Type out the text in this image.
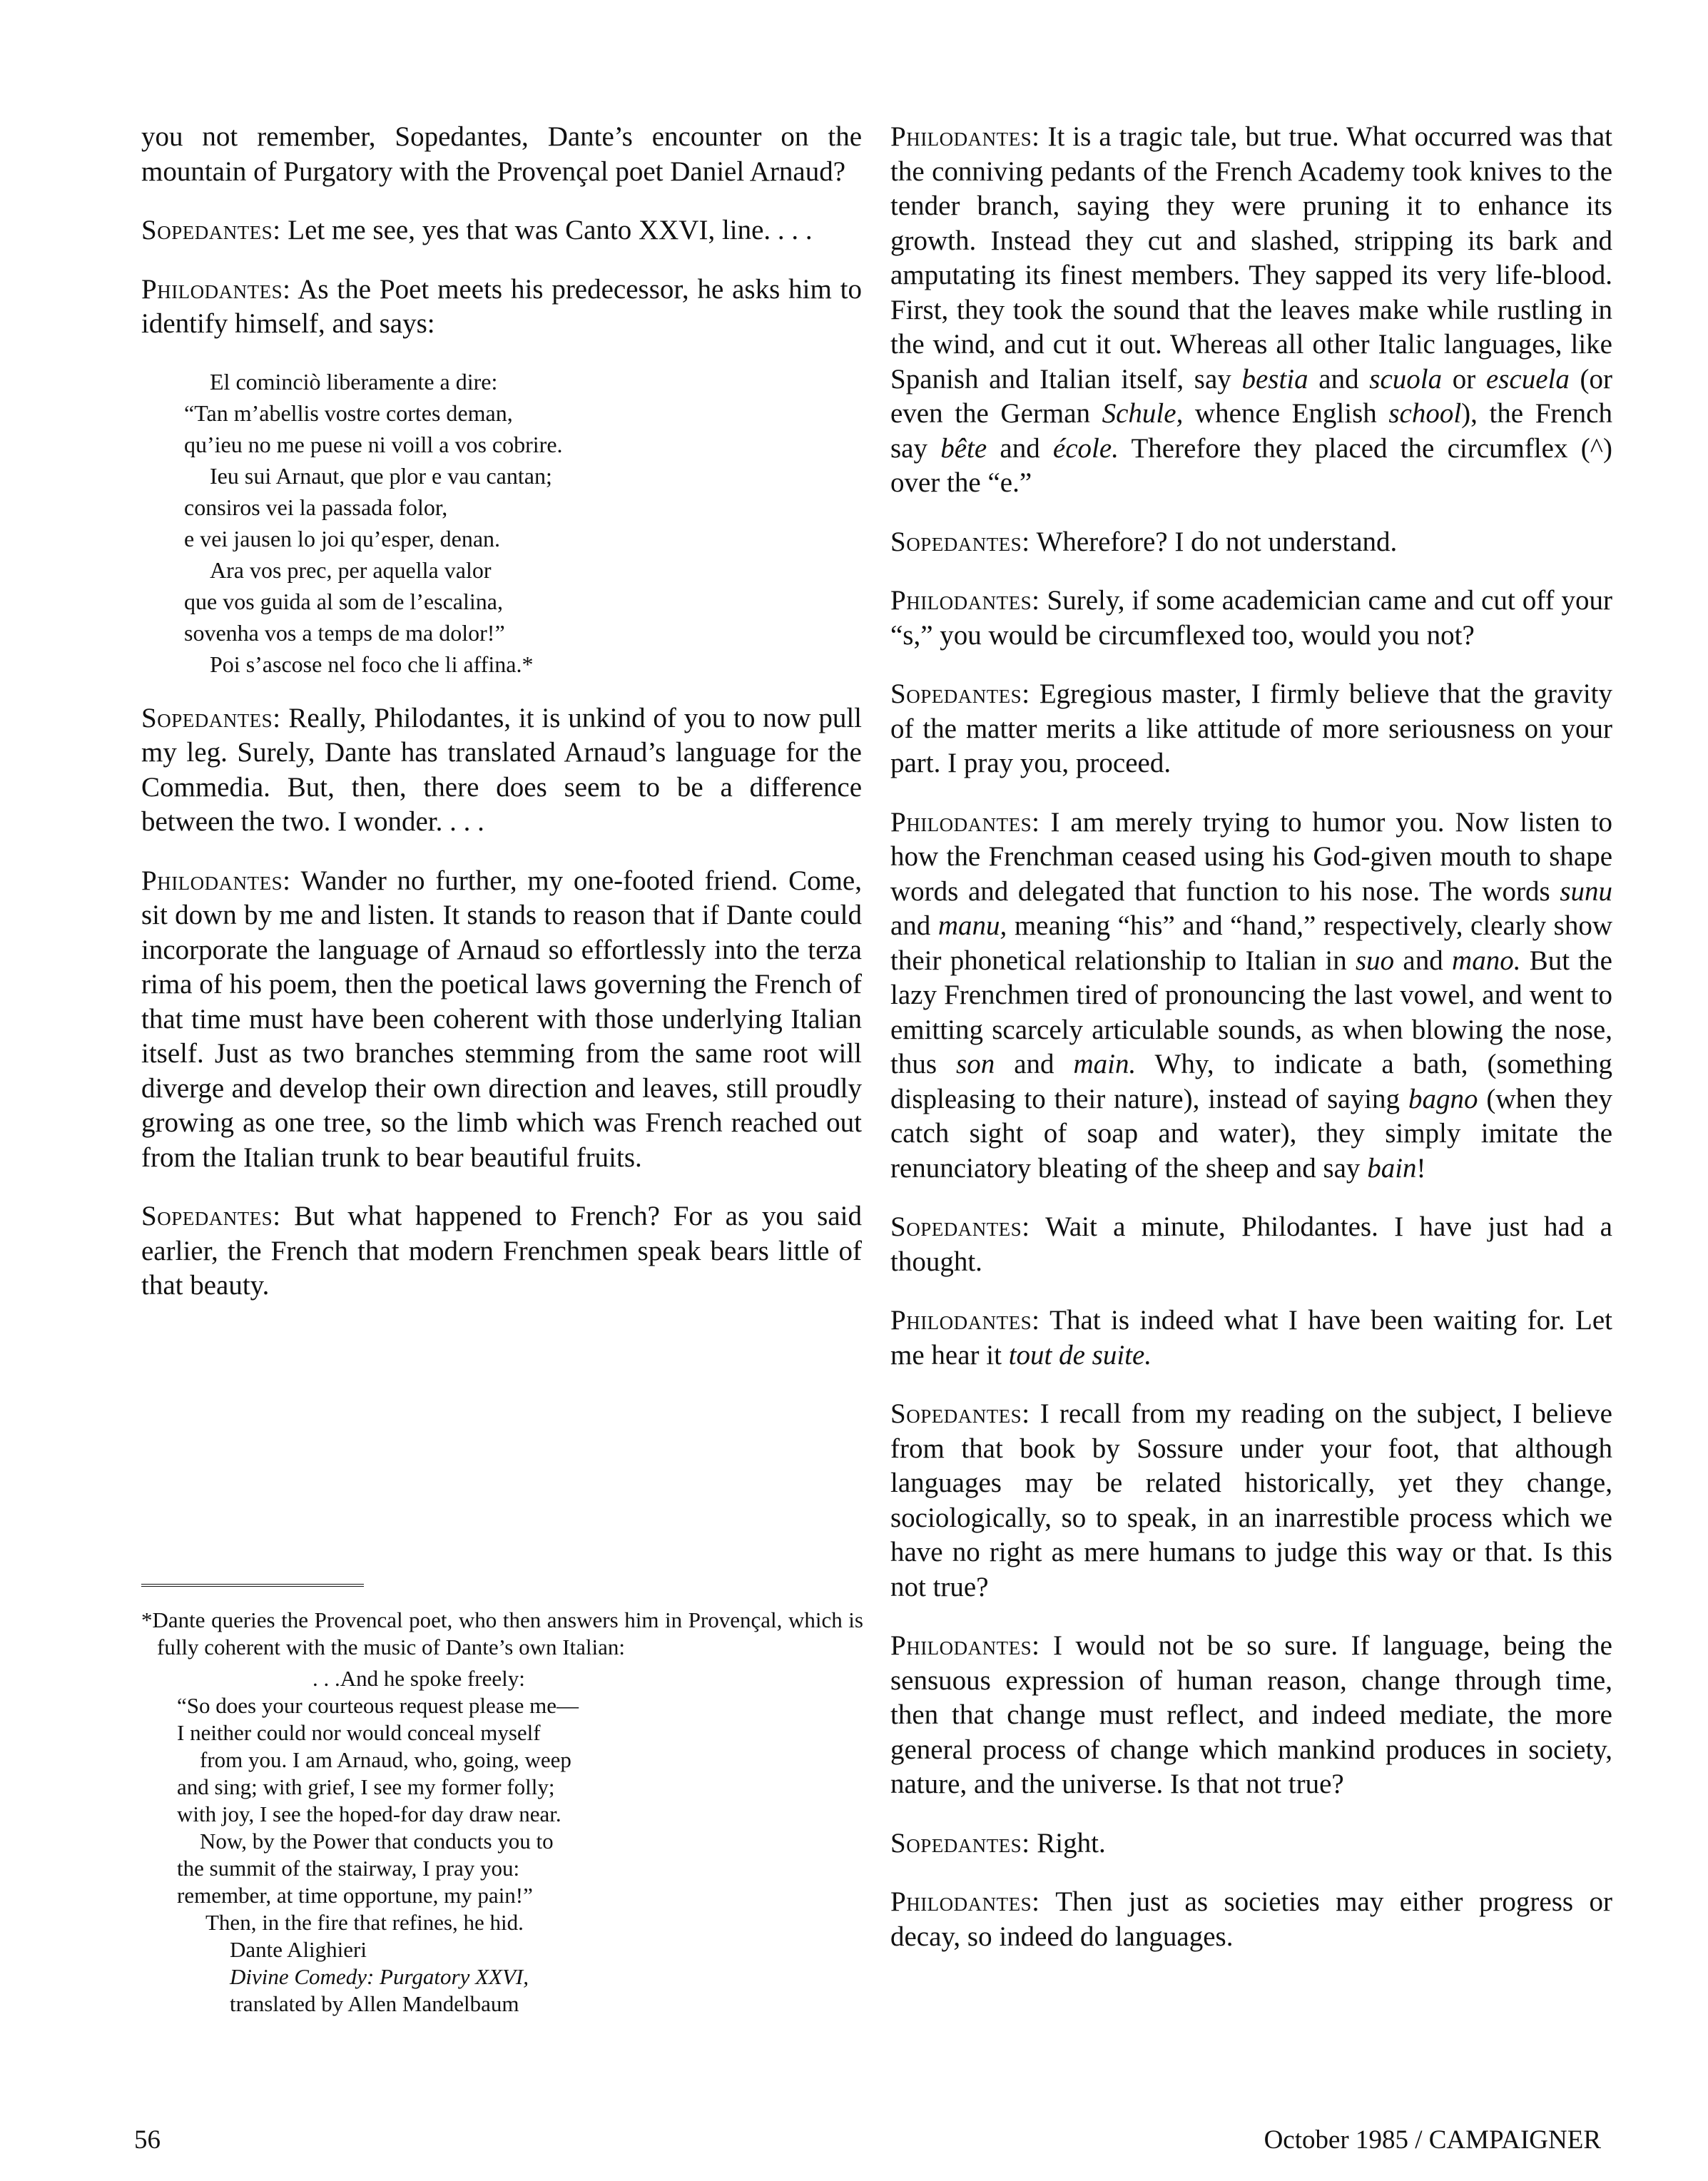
you not remember, Sopedantes, Dante’s encounter on the mountain of Purgatory with the Provençal poet Daniel Arnaud?

Sopedantes: Let me see, yes that was Canto XXVI, line. . . .

Philodantes: As the Poet meets his predecessor, he asks him to identify himself, and says:

El cominciò liberamente a dire:
“Tan m’abellis vostre cortes deman,
qu’ieu no me puese ni voill a vos cobrire.
Ieu sui Arnaut, que plor e vau cantan;
consiros vei la passada folor,
e vei jausen lo joi qu’esper, denan.
Ara vos prec, per aquella valor
que vos guida al som de l’escalina,
sovenha vos a temps de ma dolor!”
Poi s’ascose nel foco che li affina.*

Sopedantes: Really, Philodantes, it is unkind of you to now pull my leg. Surely, Dante has translated Arnaud’s language for the Commedia. But, then, there does seem to be a difference between the two. I wonder. . . .

Philodantes: Wander no further, my one-footed friend. Come, sit down by me and listen. It stands to reason that if Dante could incorporate the language of Arnaud so effortlessly into the terza rima of his poem, then the poetical laws governing the French of that time must have been coherent with those underlying Italian itself. Just as two branches stemming from the same root will diverge and develop their own direction and leaves, still proudly growing as one tree, so the limb which was French reached out from the Italian trunk to bear beautiful fruits.

Sopedantes: But what happened to French? For as you said earlier, the French that modern Frenchmen speak bears little of that beauty.

*Dante queries the Provencal poet, who then answers him in Provençal, which is fully coherent with the music of Dante’s own Italian:

. . .And he spoke freely:
“So does your courteous request please me—
I neither could nor would conceal myself
from you. I am Arnaud, who, going, weep
and sing; with grief, I see my former folly;
with joy, I see the hoped-for day draw near.
Now, by the Power that conducts you to
the summit of the stairway, I pray you:
remember, at time opportune, my pain!”
Then, in the fire that refines, he hid.
Dante Alighieri
Divine Comedy: Purgatory XXVI,
translated by Allen Mandelbaum

Philodantes: It is a tragic tale, but true. What occurred was that the conniving pedants of the French Academy took knives to the tender branch, saying they were pruning it to enhance its growth. Instead they cut and slashed, stripping its bark and amputating its finest members. They sapped its very life-blood. First, they took the sound that the leaves make while rustling in the wind, and cut it out. Whereas all other Italic languages, like Spanish and Italian itself, say bestia and scuola or escuela (or even the German Schule, whence English school), the French say bête and école. Therefore they placed the circumflex (^) over the “e.”

Sopedantes: Wherefore? I do not understand.

Philodantes: Surely, if some academician came and cut off your “s,” you would be circumflexed too, would you not?

Sopedantes: Egregious master, I firmly believe that the gravity of the matter merits a like attitude of more seriousness on your part. I pray you, proceed.

Philodantes: I am merely trying to humor you. Now listen to how the Frenchman ceased using his God-given mouth to shape words and delegated that function to his nose. The words sunu and manu, meaning “his” and “hand,” respectively, clearly show their phonetical relationship to Italian in suo and mano. But the lazy Frenchmen tired of pronouncing the last vowel, and went to emitting scarcely articulable sounds, as when blowing the nose, thus son and main. Why, to indicate a bath, (something displeasing to their nature), instead of saying bagno (when they catch sight of soap and water), they simply imitate the renunciatory bleating of the sheep and say bain!

Sopedantes: Wait a minute, Philodantes. I have just had a thought.

Philodantes: That is indeed what I have been waiting for. Let me hear it tout de suite.

Sopedantes: I recall from my reading on the subject, I believe from that book by Sossure under your foot, that although languages may be related historically, yet they change, sociologically, so to speak, in an inarrestible process which we have no right as mere humans to judge this way or that. Is this not true?

Philodantes: I would not be so sure. If language, being the sensuous expression of human reason, change through time, then that change must reflect, and indeed mediate, the more general process of change which mankind produces in society, nature, and the universe. Is that not true?

Sopedantes: Right.

Philodantes: Then just as societies may either progress or decay, so indeed do languages.

56	October 1985 / CAMPAIGNER
